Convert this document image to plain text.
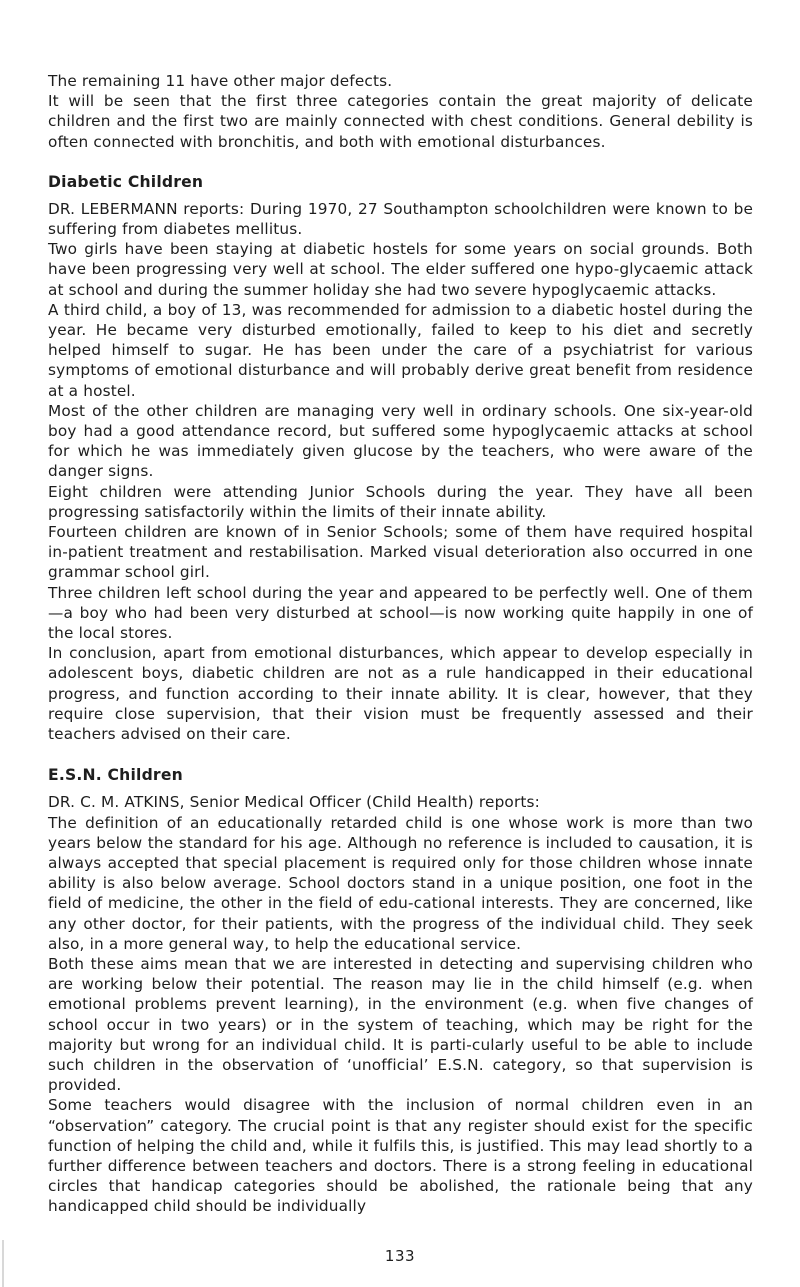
The remaining 11 have other major defects.

It will be seen that the first three categories contain the great majority of delicate children and the first two are mainly connected with chest conditions. General debility is often connected with bronchitis, and both with emotional disturbances.

Diabetic Children

DR. LEBERMANN reports: During 1970, 27 Southampton schoolchildren were known to be suffering from diabetes mellitus.

Two girls have been staying at diabetic hostels for some years on social grounds. Both have been progressing very well at school. The elder suffered one hypo-glycaemic attack at school and during the summer holiday she had two severe hypoglycaemic attacks.

A third child, a boy of 13, was recommended for admission to a diabetic hostel during the year. He became very disturbed emotionally, failed to keep to his diet and secretly helped himself to sugar. He has been under the care of a psychiatrist for various symptoms of emotional disturbance and will probably derive great benefit from residence at a hostel.

Most of the other children are managing very well in ordinary schools. One six-year-old boy had a good attendance record, but suffered some hypoglycaemic attacks at school for which he was immediately given glucose by the teachers, who were aware of the danger signs.

Eight children were attending Junior Schools during the year. They have all been progressing satisfactorily within the limits of their innate ability.

Fourteen children are known of in Senior Schools; some of them have required hospital in-patient treatment and restabilisation. Marked visual deterioration also occurred in one grammar school girl.

Three children left school during the year and appeared to be perfectly well. One of them—a boy who had been very disturbed at school—is now working quite happily in one of the local stores.

In conclusion, apart from emotional disturbances, which appear to develop especially in adolescent boys, diabetic children are not as a rule handicapped in their educational progress, and function according to their innate ability. It is clear, however, that they require close supervision, that their vision must be frequently assessed and their teachers advised on their care.

E.S.N. Children

DR. C. M. ATKINS, Senior Medical Officer (Child Health) reports:

The definition of an educationally retarded child is one whose work is more than two years below the standard for his age. Although no reference is included to causation, it is always accepted that special placement is required only for those children whose innate ability is also below average. School doctors stand in a unique position, one foot in the field of medicine, the other in the field of edu-cational interests. They are concerned, like any other doctor, for their patients, with the progress of the individual child. They seek also, in a more general way, to help the educational service.

Both these aims mean that we are interested in detecting and supervising children who are working below their potential. The reason may lie in the child himself (e.g. when emotional problems prevent learning), in the environment (e.g. when five changes of school occur in two years) or in the system of teaching, which may be right for the majority but wrong for an individual child. It is parti-cularly useful to be able to include such children in the observation of ‘unofficial’ E.S.N. category, so that supervision is provided.

Some teachers would disagree with the inclusion of normal children even in an “observation” category. The crucial point is that any register should exist for the specific function of helping the child and, while it fulfils this, is justified. This may lead shortly to a further difference between teachers and doctors. There is a strong feeling in educational circles that handicap categories should be abolished, the rationale being that any handicapped child should be individually

133
